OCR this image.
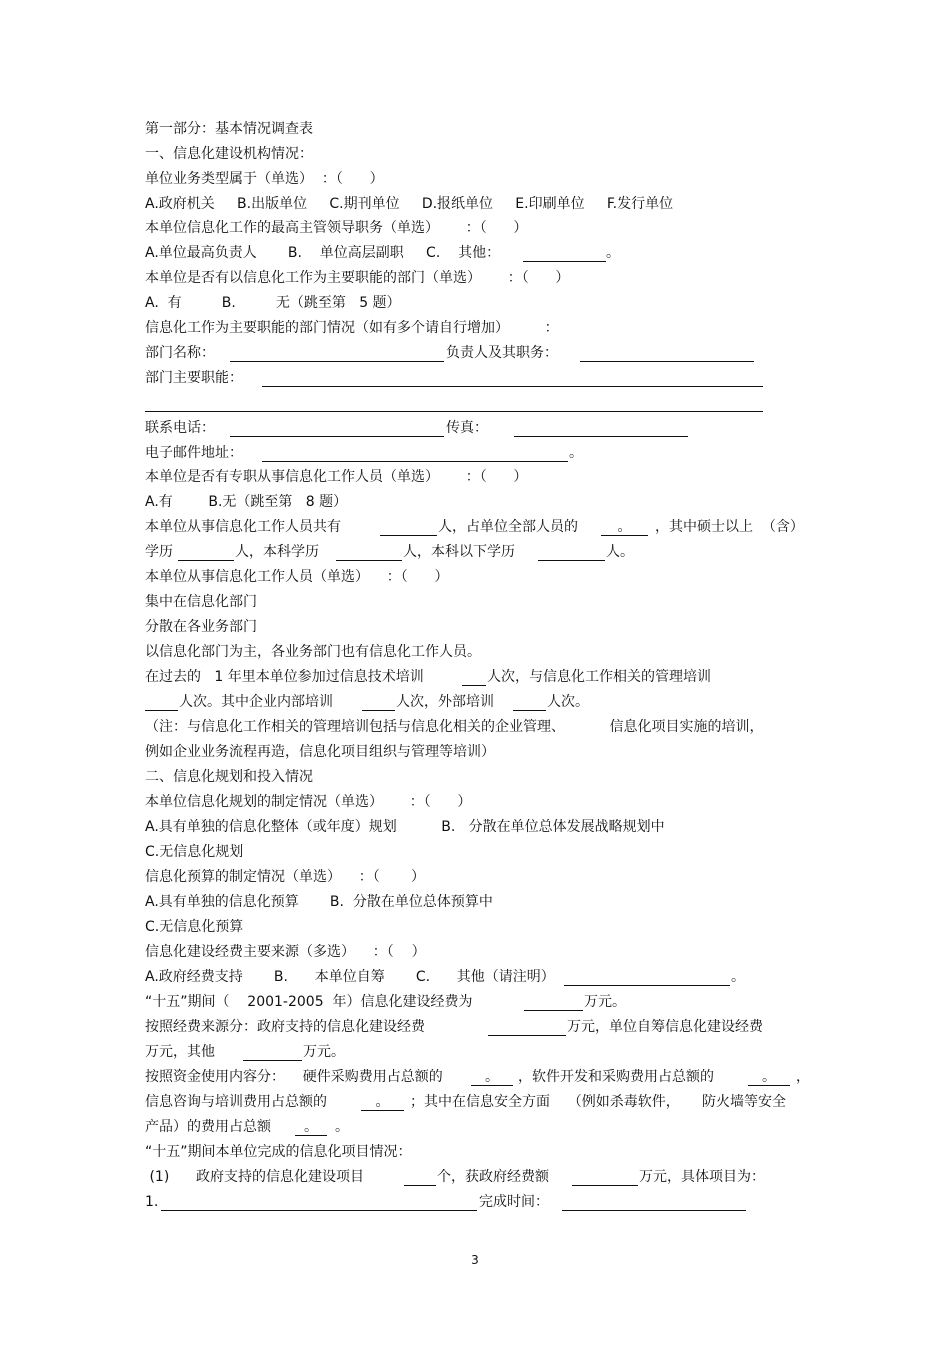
第一部分：基本情况调查表
一、信息化建设机构情况：
单位业务类型属于（单选）  ：（      ）
A.政府机关     B.出版单位     C.期刊单位     D.报纸单位     E.印刷单位     F.发行单位
本单位信息化工作的最高主管领导职务（单选）      ：（      ）
A.单位最高负责人       B.    单位高层副职     C.    其他：	。
本单位是否有以信息化工作为主要职能的部门（单选）      ：（      ）
A.  有         B.         无（跳至第   5 题）
信息化工作为主要职能的部门情况（如有多个请自行增加）        ：
部门名称：	负责人及其职务：
部门主要职能：
联系电话：	传真：
电子邮件地址：	。
本单位是否有专职从事信息化工作人员（单选）      ：（      ）
A.有        B.无（跳至第   8 题）
本单位从事信息化工作人员共有	人，占单位全部人员的	。	，其中硕士以上  （含）
学历	人，本科学历	人，本科以下学历	人。
本单位从事信息化工作人员（单选）    ：（      ）
集中在信息化部门
分散在各业务部门
以信息化部门为主，各业务部门也有信息化工作人员。
在过去的   1 年里本单位参加过信息技术培训	人次，与信息化工作相关的管理培训
人次。其中企业内部培训	人次，外部培训	人次。
（注：与信息化工作相关的管理培训包括与信息化相关的企业管理、          信息化项目实施的培训，
例如企业业务流程再造，信息化项目组织与管理等培训）
二、信息化规划和投入情况
本单位信息化规划的制定情况（单选）      ：（      ）
A.具有单独的信息化整体（或年度）规划          B.   分散在单位总体发展战略规划中
C.无信息化规划
信息化预算的制定情况（单选）    ：（       ）
A.具有单独的信息化预算       B.  分散在单位总体预算中
C.无信息化预算
信息化建设经费主要来源（多选）    ：（    ）
A.政府经费支持       B.      本单位自筹       C.      其他（请注明）	。
“十五”期间（    2001-2005  年）信息化建设经费为	万元。
按照经费来源分：政府支持的信息化建设经费	万元，单位自筹信息化建设经费
万元，其他	万元。
按照资金使用内容分：    硬件采购费用占总额的	。	，软件开发和采购费用占总额的	。	，
信息咨询与培训费用占总额的	。	；其中在信息安全方面    （例如杀毒软件，     防火墙等安全
产品）的费用占总额	。	。
“十五”期间本单位完成的信息化项目情况：
(1)      政府支持的信息化建设项目	个，获政府经费额	万元，具体项目为：
1.	完成时间：
3
